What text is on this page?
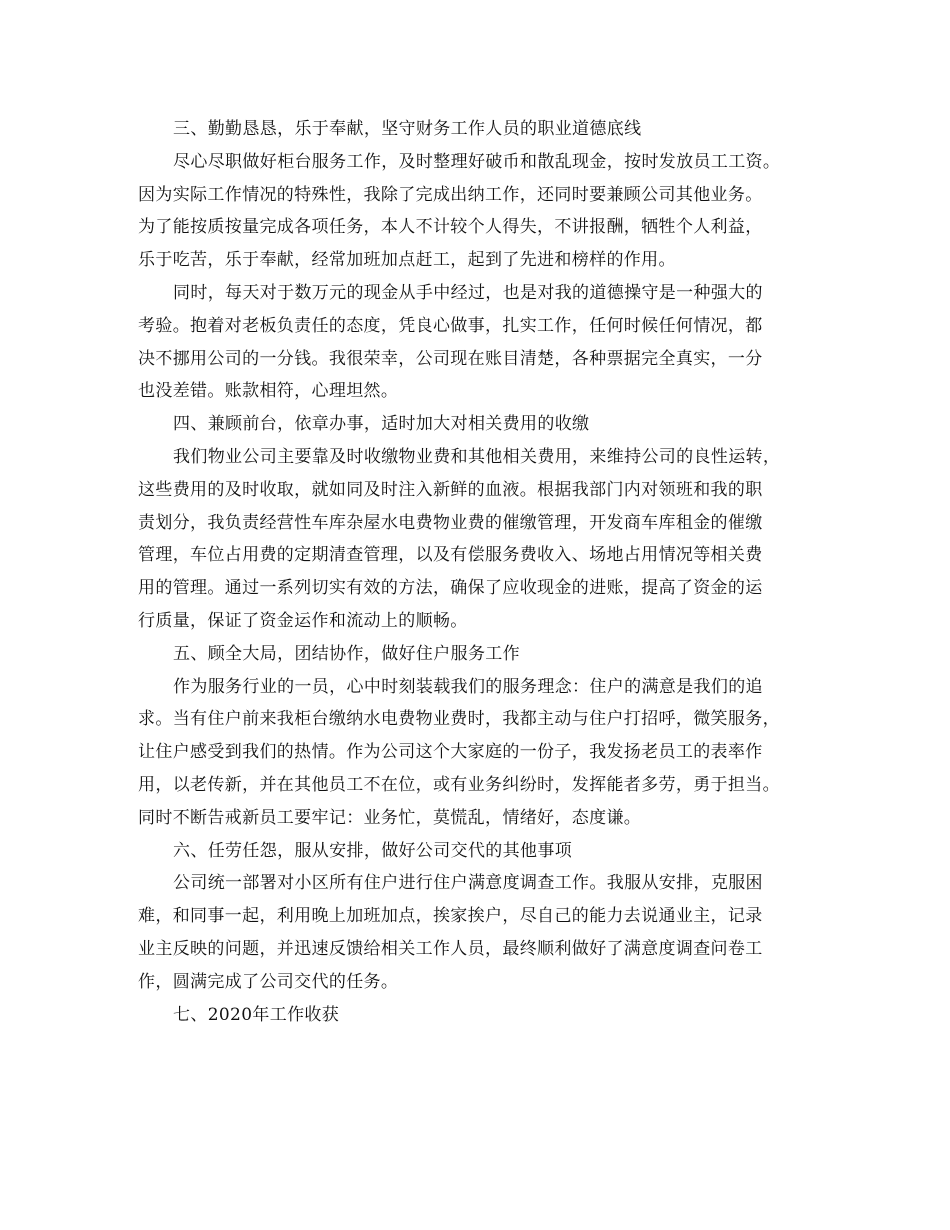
三、勤勤恳恳，乐于奉献，坚守财务工作人员的职业道德底线
尽心尽职做好柜台服务工作，及时整理好破币和散乱现金，按时发放员工工资。
因为实际工作情况的特殊性，我除了完成出纳工作，还同时要兼顾公司其他业务。
为了能按质按量完成各项任务，本人不计较个人得失，不讲报酬，牺牲个人利益，
乐于吃苦，乐于奉献，经常加班加点赶工，起到了先进和榜样的作用。
同时，每天对于数万元的现金从手中经过，也是对我的道德操守是一种强大的
考验。抱着对老板负责任的态度，凭良心做事，扎实工作，任何时候任何情况，都
决不挪用公司的一分钱。我很荣幸，公司现在账目清楚，各种票据完全真实，一分
也没差错。账款相符，心理坦然。
四、兼顾前台，依章办事，适时加大对相关费用的收缴
我们物业公司主要靠及时收缴物业费和其他相关费用，来维持公司的良性运转，
这些费用的及时收取，就如同及时注入新鲜的血液。根据我部门内对领班和我的职
责划分，我负责经营性车库杂屋水电费物业费的催缴管理，开发商车库租金的催缴
管理，车位占用费的定期清查管理，以及有偿服务费收入、场地占用情况等相关费
用的管理。通过一系列切实有效的方法，确保了应收现金的进账，提高了资金的运
行质量，保证了资金运作和流动上的顺畅。
五、顾全大局，团结协作，做好住户服务工作
作为服务行业的一员，心中时刻装载我们的服务理念：住户的满意是我们的追
求。当有住户前来我柜台缴纳水电费物业费时，我都主动与住户打招呼，微笑服务，
让住户感受到我们的热情。作为公司这个大家庭的一份子，我发扬老员工的表率作
用，以老传新，并在其他员工不在位，或有业务纠纷时，发挥能者多劳，勇于担当。
同时不断告戒新员工要牢记：业务忙，莫慌乱，情绪好，态度谦。
六、任劳任怨，服从安排，做好公司交代的其他事项
公司统一部署对小区所有住户进行住户满意度调查工作。我服从安排，克服困
难，和同事一起，利用晚上加班加点，挨家挨户，尽自己的能力去说通业主，记录
业主反映的问题，并迅速反馈给相关工作人员，最终顺利做好了满意度调查问卷工
作，圆满完成了公司交代的任务。
七、2020年工作收获
